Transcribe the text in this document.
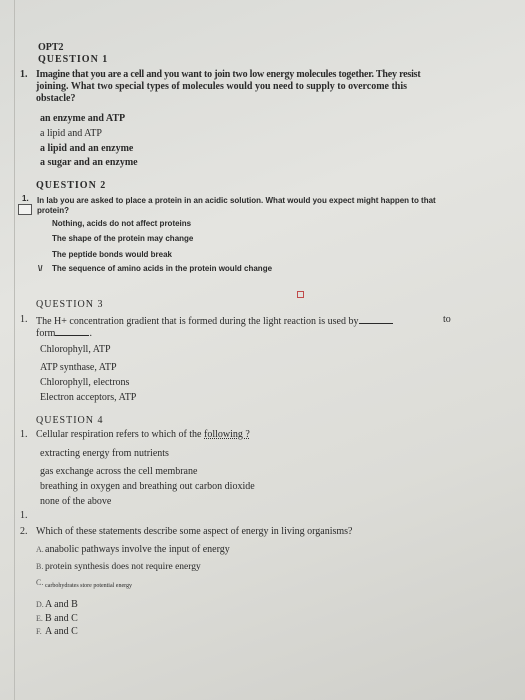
OPT2
QUESTION 1
1. Imagine that you are a cell and you want to join two low energy molecules together. They resist
joining. What two special types of molecules would you need to supply to overcome this
obstacle?
an enzyme and ATP
a lipid and ATP
a lipid and an enzyme
a sugar and an enzyme
QUESTION 2
1. In lab you are asked to place a protein in an acidic solution. What would you expect might happen to that
protein?
Nothing, acids do not affect proteins
The shape of the protein may change
The peptide bonds would break
\/ The sequence of amino acids in the protein would change
QUESTION 3
1. The H+ concentration gradient that is formed during the light reaction is used by	to
form	.
Chlorophyll, ATP
ATP synthase, ATP
Chlorophyll, electrons
Electron acceptors, ATP
QUESTION 4
1. Cellular respiration refers to which of the following ?
extracting energy from nutrients
gas exchange across the cell membrane
breathing in oxygen and breathing out carbon dioxide
none of the above
1.
2. Which of these statements describe some aspect of energy in living organisms?
A. anabolic pathways involve the input of energy
B. protein synthesis does not require energy
C. carbohydrates store potential energy
D. A and B
E. B and C
F. A and C
